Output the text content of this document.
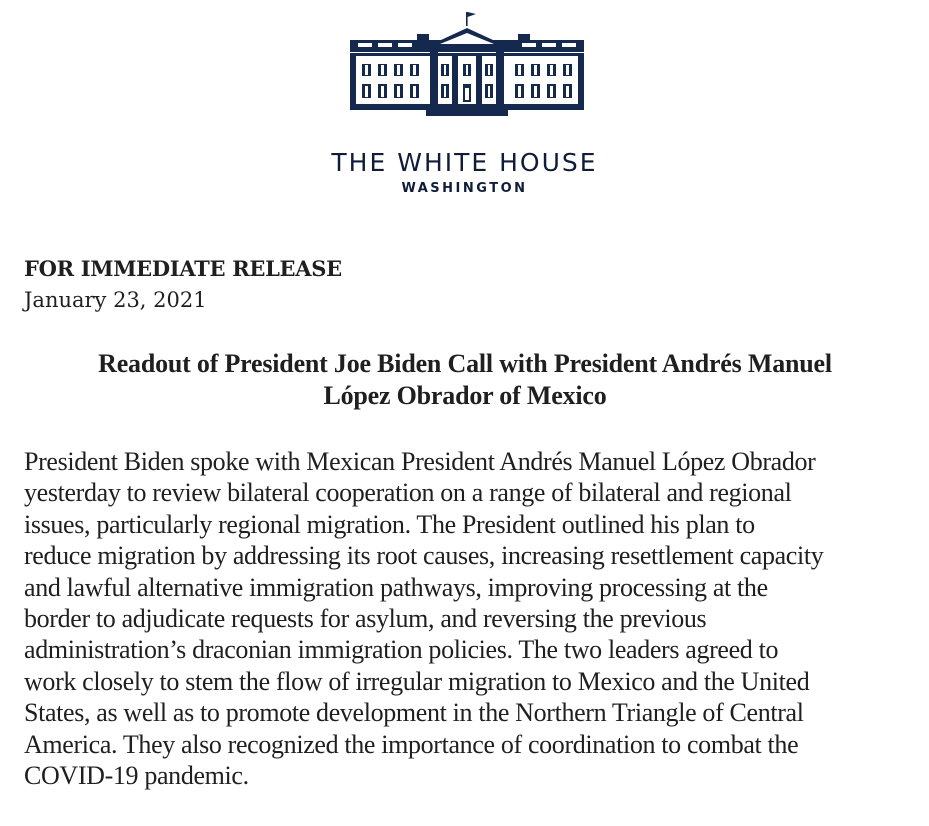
THE WHITE HOUSE
WASHINGTON
FOR IMMEDIATE RELEASE
January 23, 2021
Readout of President Joe Biden Call with President Andrés Manuel
López Obrador of Mexico
President Biden spoke with Mexican President Andrés Manuel López Obrador
yesterday to review bilateral cooperation on a range of bilateral and regional
issues, particularly regional migration. The President outlined his plan to
reduce migration by addressing its root causes, increasing resettlement capacity
and lawful alternative immigration pathways, improving processing at the
border to adjudicate requests for asylum, and reversing the previous
administration’s draconian immigration policies. The two leaders agreed to
work closely to stem the flow of irregular migration to Mexico and the United
States, as well as to promote development in the Northern Triangle of Central
America. They also recognized the importance of coordination to combat the
COVID-19 pandemic.
